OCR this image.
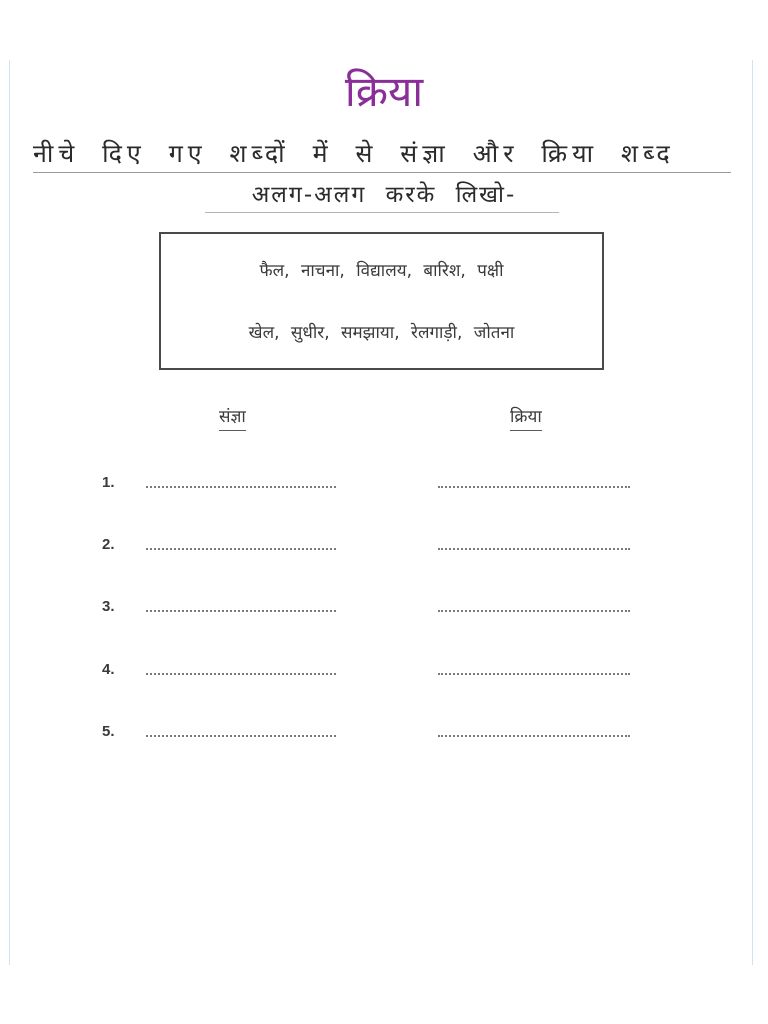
क्रिया
नीचे दिए गए शब्दों में से संज्ञा और क्रिया शब्द
अलग-अलग करके लिखो-
फैल, नाचना, विद्यालय, बारिश, पक्षी
खेल, सुधीर, समझाया, रेलगाड़ी, जोतना
संज्ञा	क्रिया
1.
2.
3.
4.
5.
